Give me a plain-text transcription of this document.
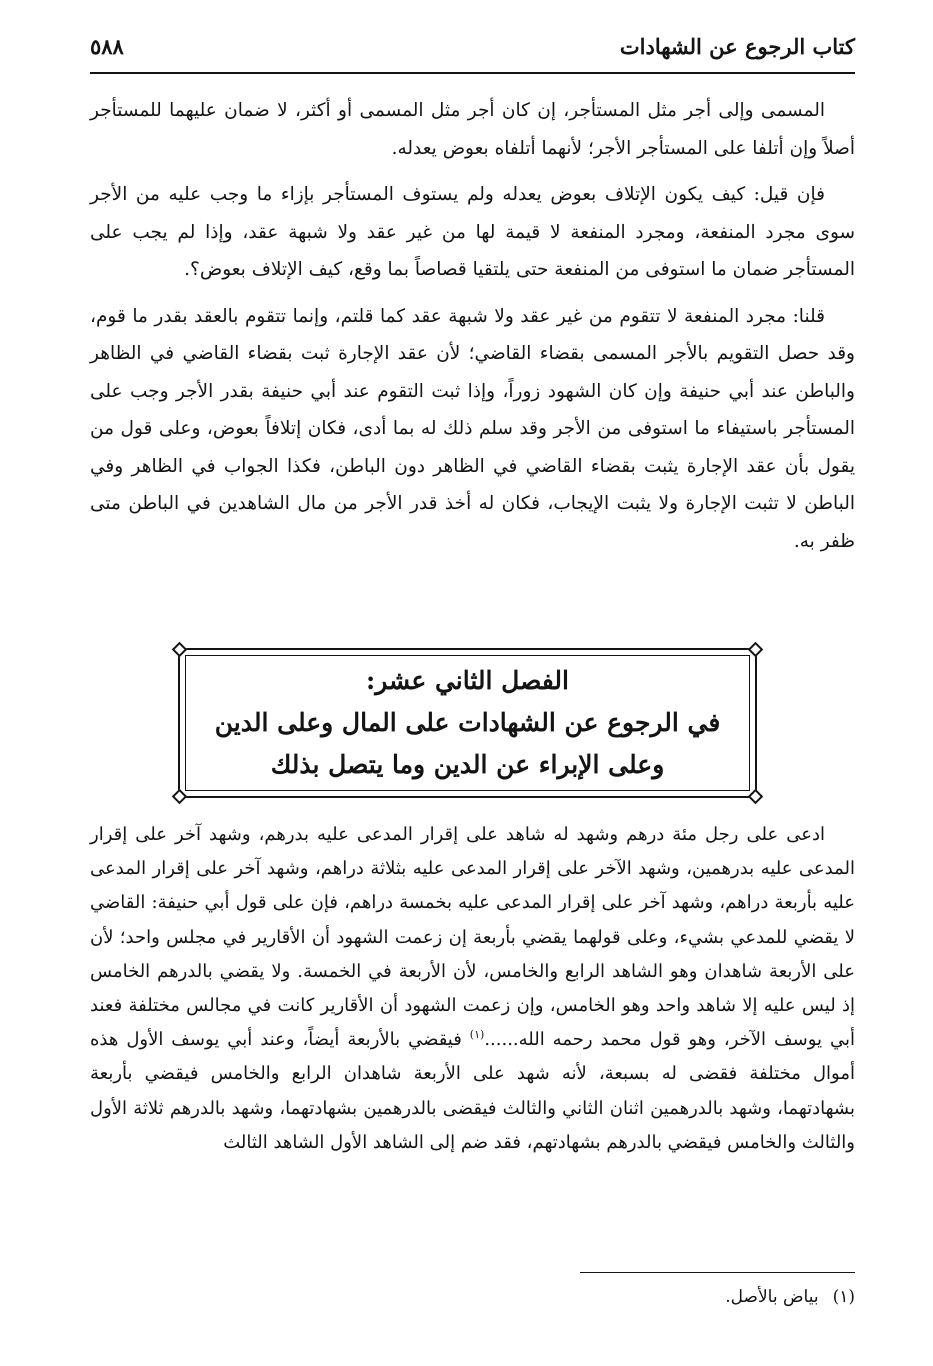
كتاب الرجوع عن الشهادات
٥٨٨

المسمى وإلى أجر مثل المستأجر، إن كان أجر مثل المسمى أو أكثر، لا ضمان عليهما للمستأجر أصلاً وإن أتلفا على المستأجر الأجر؛ لأنهما أتلفاه بعوض يعدله.

فإن قيل: كيف يكون الإتلاف بعوض يعدله ولم يستوف المستأجر بإزاء ما وجب عليه من الأجر سوى مجرد المنفعة، ومجرد المنفعة لا قيمة لها من غير عقد ولا شبهة عقد، وإذا لم يجب على المستأجر ضمان ما استوفى من المنفعة حتى يلتقيا قصاصاً بما وقع، كيف الإتلاف بعوض؟.

قلنا: مجرد المنفعة لا تتقوم من غير عقد ولا شبهة عقد كما قلتم، وإنما تتقوم بالعقد بقدر ما قوم، وقد حصل التقويم بالأجر المسمى بقضاء القاضي؛ لأن عقد الإجارة ثبت بقضاء القاضي في الظاهر والباطن عند أبي حنيفة وإن كان الشهود زوراً، وإذا ثبت التقوم عند أبي حنيفة بقدر الأجر وجب على المستأجر باستيفاء ما استوفى من الأجر وقد سلم ذلك له بما أدى، فكان إتلافاً بعوض، وعلى قول من يقول بأن عقد الإجارة يثبت بقضاء القاضي في الظاهر دون الباطن، فكذا الجواب في الظاهر وفي الباطن لا تثبت الإجارة ولا يثبت الإيجاب، فكان له أخذ قدر الأجر من مال الشاهدين في الباطن متى ظفر به.

الفصل الثاني عشر:
في الرجوع عن الشهادات على المال وعلى الدين
وعلى الإبراء عن الدين وما يتصل بذلك

ادعى على رجل مئة درهم وشهد له شاهد على إقرار المدعى عليه بدرهم، وشهد آخر على إقرار المدعى عليه بدرهمين، وشهد الآخر على إقرار المدعى عليه بثلاثة دراهم، وشهد آخر على إقرار المدعى عليه بأربعة دراهم، وشهد آخر على إقرار المدعى عليه بخمسة دراهم، فإن على قول أبي حنيفة: القاضي لا يقضي للمدعي بشيء، وعلى قولهما يقضي بأربعة إن زعمت الشهود أن الأقارير في مجلس واحد؛ لأن على الأربعة شاهدان وهو الشاهد الرابع والخامس، لأن الأربعة في الخمسة. ولا يقضي بالدرهم الخامس إذ ليس عليه إلا شاهد واحد وهو الخامس، وإن زعمت الشهود أن الأقارير كانت في مجالس مختلفة فعند أبي يوسف الآخر، وهو قول محمد رحمه الله......$^{(١)}$ فيقضي بالأربعة أيضاً، وعند أبي يوسف الأول هذه أموال مختلفة فقضى له بسبعة، لأنه شهد على الأربعة شاهدان الرابع والخامس فيقضي بأربعة بشهادتهما، وشهد بالدرهمين اثنان الثاني والثالث فيقضى بالدرهمين بشهادتهما، وشهد بالدرهم ثلاثة الأول والثالث والخامس فيقضي بالدرهم بشهادتهم، فقد ضم إلى الشاهد الأول الشاهد الثالث

(١)بياض بالأصل.
